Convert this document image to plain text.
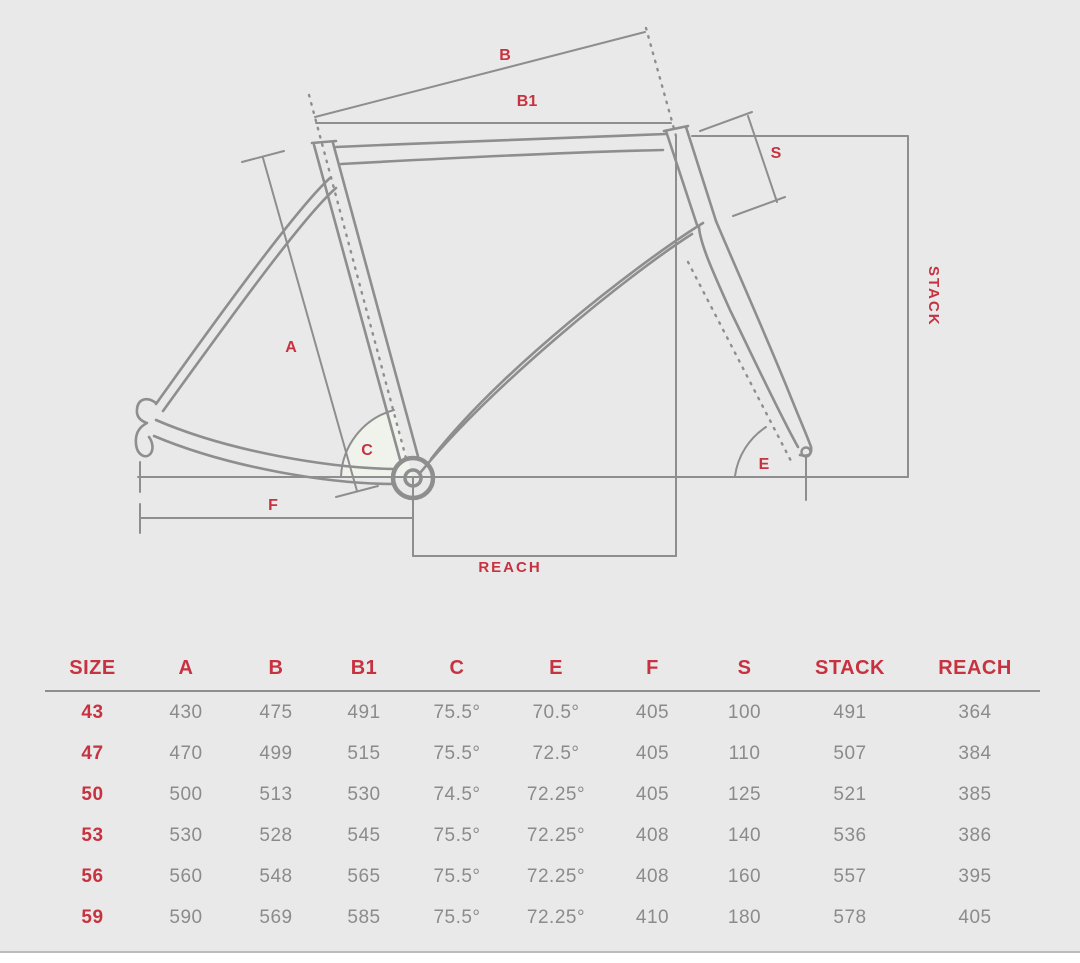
B
B1
S
A
C
E
F
REACH
STACK
SIZE	A	B	B1	C	E	F	S	STACK	REACH
43	430	475	491	75.5°	70.5°	405	100	491	364
47	470	499	515	75.5°	72.5°	405	110	507	384
50	500	513	530	74.5°	72.25°	405	125	521	385
53	530	528	545	75.5°	72.25°	408	140	536	386
56	560	548	565	75.5°	72.25°	408	160	557	395
59	590	569	585	75.5°	72.25°	410	180	578	405
